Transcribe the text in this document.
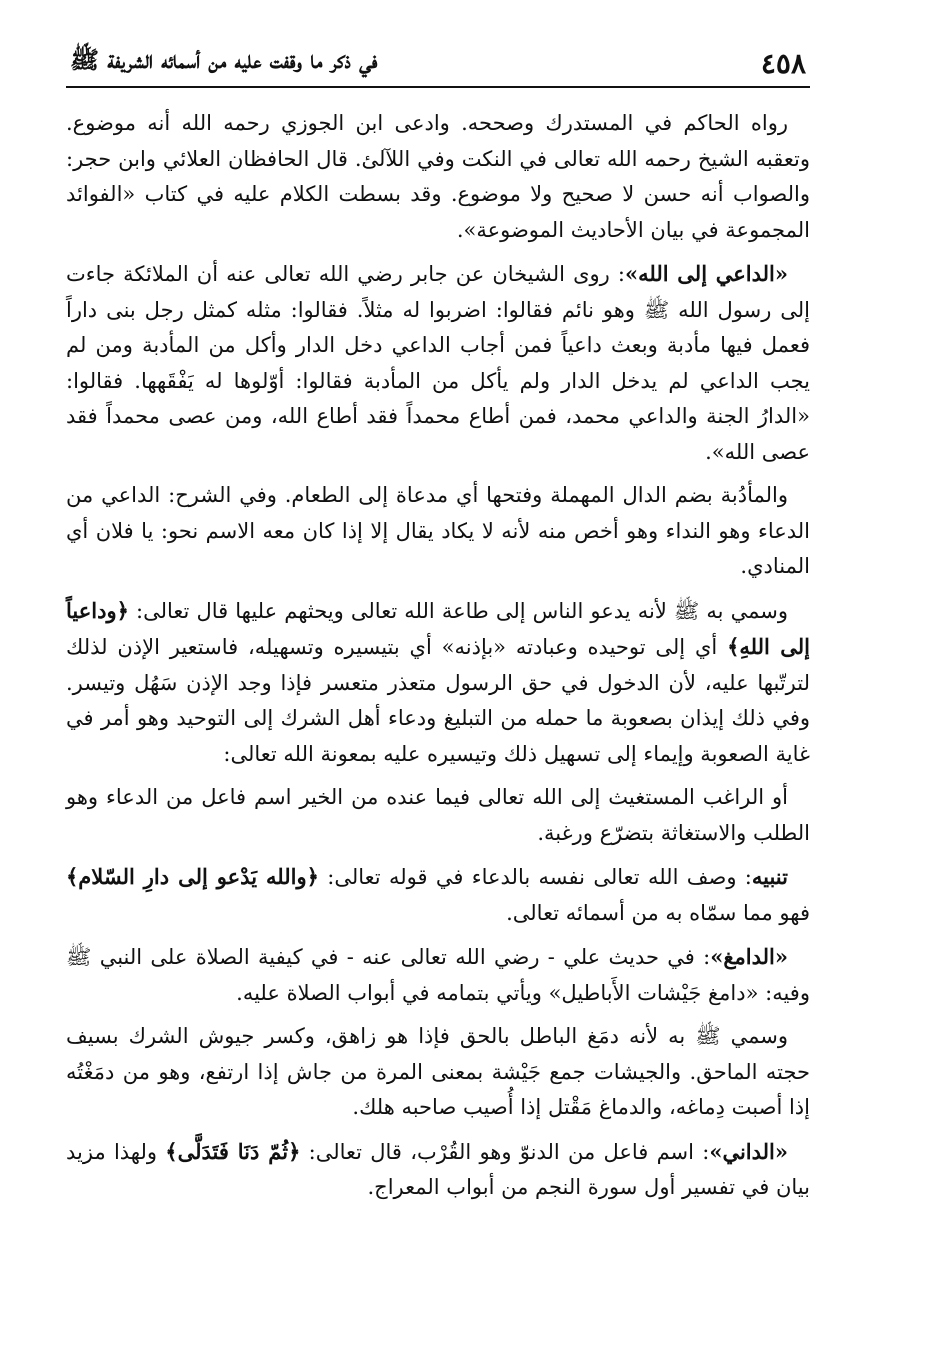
٤٥٨
في ذكر ما وقفت عليه من أسمائه الشريفة ﷺ

رواه الحاكم في المستدرك وصححه. وادعى ابن الجوزي رحمه الله أنه موضوع. وتعقبه الشيخ رحمه الله تعالى في النكت وفي اللآلئ. قال الحافظان العلائي وابن حجر: والصواب أنه حسن لا صحيح ولا موضوع. وقد بسطت الكلام عليه في كتاب «الفوائد المجموعة في بيان الأحاديث الموضوعة».

«الداعي إلى الله»: روى الشيخان عن جابر رضي الله تعالى عنه أن الملائكة جاءت إلى رسول الله ﷺ وهو نائم فقالوا: اضربوا له مثلاً. فقالوا: مثله كمثل رجل بنى داراً فعمل فيها مأدبة وبعث داعياً فمن أجاب الداعي دخل الدار وأكل من المأدبة ومن لم يجب الداعي لم يدخل الدار ولم يأكل من المأدبة فقالوا: أوّلوها له يَفْقَهها. فقالوا: «الدارُ الجنة والداعي محمد، فمن أطاع محمداً فقد أطاع الله، ومن عصى محمداً فقد عصى الله».

والمأدُبة بضم الدال المهملة وفتحها أي مدعاة إلى الطعام. وفي الشرح: الداعي من الدعاء وهو النداء وهو أخص منه لأنه لا يكاد يقال إلا إذا كان معه الاسم نحو: يا فلان أي المنادي.

وسمي به ﷺ لأنه يدعو الناس إلى طاعة الله تعالى ويحثهم عليها قال تعالى: ﴿وداعياً إلى اللهِ﴾ أي إلى توحيده وعبادته «بإذنه» أي بتيسيره وتسهيله، فاستعير الإذن لذلك لترتّبها عليه، لأن الدخول في حق الرسول متعذر متعسر فإذا وجد الإذن سَهُل وتيسر. وفي ذلك إيذان بصعوبة ما حمله من التبليغ ودعاء أهل الشرك إلى التوحيد وهو أمر في غاية الصعوبة وإيماء إلى تسهيل ذلك وتيسيره عليه بمعونة الله تعالى:

أو الراغب المستغيث إلى الله تعالى فيما عنده من الخير اسم فاعل من الدعاء وهو الطلب والاستغاثة بتضرّع ورغبة.

تنبيه: وصف الله تعالى نفسه بالدعاء في قوله تعالى: ﴿والله يَدْعو إلى دارِ السّلام﴾ فهو مما سمّاه به من أسمائه تعالى.

«الدامغ»: في حديث علي - رضي الله تعالى عنه - في كيفية الصلاة على النبي ﷺ وفيه: «دامغ جَيْشات الأَباطيل» ويأتي بتمامه في أبواب الصلاة عليه.

وسمي ﷺ به لأنه دمَغ الباطل بالحق فإذا هو زاهق، وكسر جيوش الشرك بسيف حجته الماحق. والجيشات جمع جَيْشة بمعنى المرة من جاش إذا ارتفع، وهو من دمَغْتُه إذا أصبت دِماغه، والدماغ مَقْتل إذا أُصيب صاحبه هلك.

«الداني»: اسم فاعل من الدنوّ وهو القُرْب، قال تعالى: ﴿ثُمّ دَنَا فَتَدَلَّى﴾ ولهذا مزيد بيان في تفسير أول سورة النجم من أبواب المعراج.
